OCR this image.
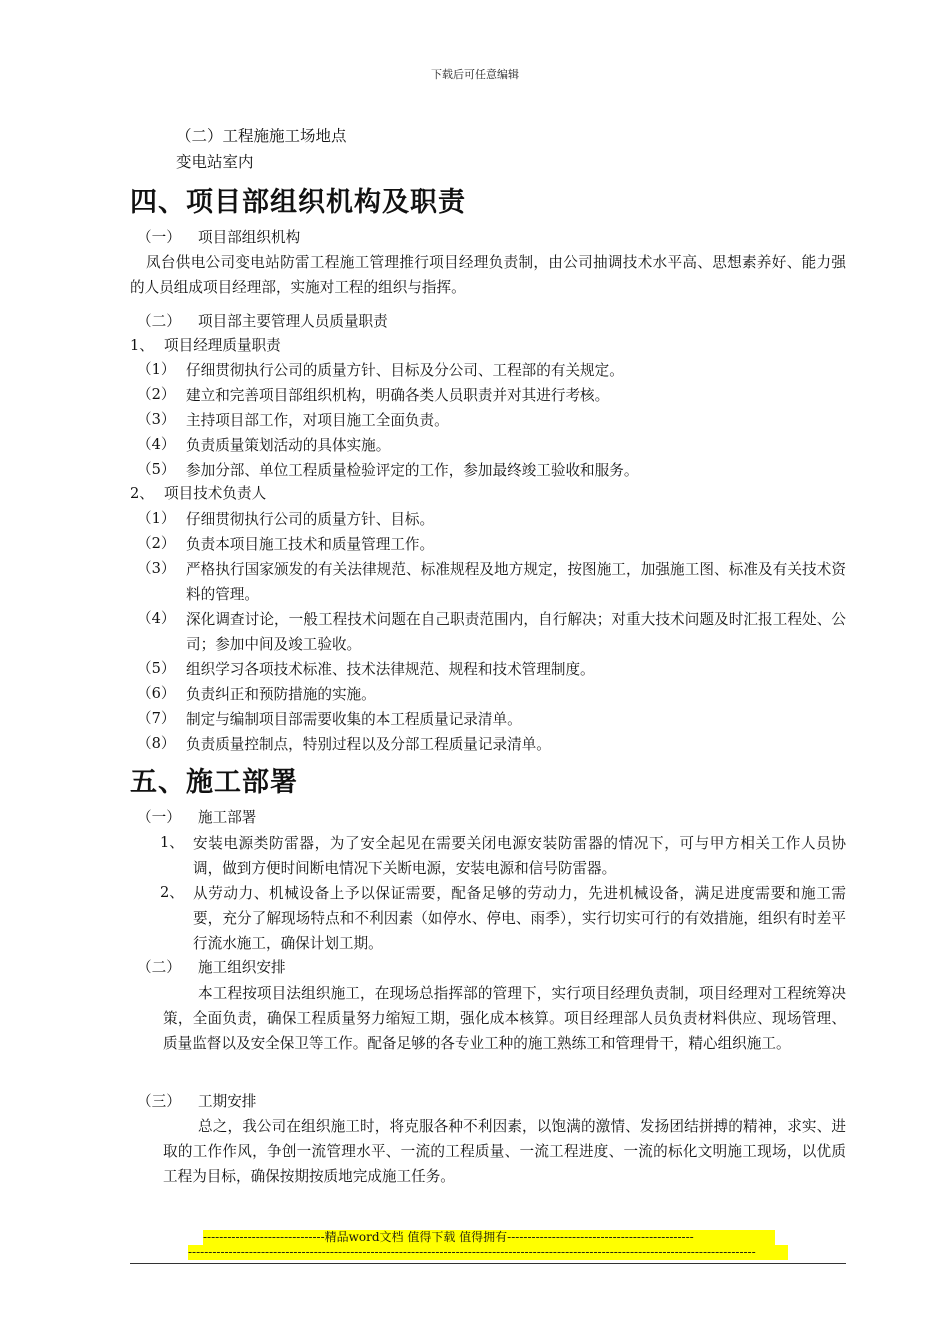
下载后可任意编辑
（二）工程施施工场地点
变电站室内
四、项目部组织机构及职责
（一） 项目部组织机构
凤台供电公司变电站防雷工程施工管理推行项目经理负责制，由公司抽调技术水平高、思想素养好、能力强的人员组成项目经理部，实施对工程的组织与指挥。
（二） 项目部主要管理人员质量职责
1、 项目经理质量职责
（1） 仔细贯彻执行公司的质量方针、目标及分公司、工程部的有关规定。
（2） 建立和完善项目部组织机构，明确各类人员职责并对其进行考核。
（3） 主持项目部工作，对项目施工全面负责。
（4） 负责质量策划活动的具体实施。
（5） 参加分部、单位工程质量检验评定的工作，参加最终竣工验收和服务。
2、 项目技术负责人
（1） 仔细贯彻执行公司的质量方针、目标。
（2） 负责本项目施工技术和质量管理工作。
（3） 严格执行国家颁发的有关法律规范、标准规程及地方规定，按图施工，加强施工图、标准及有关技术资料的管理。
（4） 深化调查讨论，一般工程技术问题在自己职责范围内，自行解决；对重大技术问题及时汇报工程处、公司；参加中间及竣工验收。
（5） 组织学习各项技术标准、技术法律规范、规程和技术管理制度。
（6） 负责纠正和预防措施的实施。
（7） 制定与编制项目部需要收集的本工程质量记录清单。
（8） 负责质量控制点，特别过程以及分部工程质量记录清单。
五、施工部署
（一） 施工部署
1、 安装电源类防雷器，为了安全起见在需要关闭电源安装防雷器的情况下，可与甲方相关工作人员协调，做到方便时间断电情况下关断电源，安装电源和信号防雷器。
2、 从劳动力、机械设备上予以保证需要，配备足够的劳动力，先进机械设备，满足进度需要和施工需要，充分了解现场特点和不利因素（如停水、停电、雨季），实行切实可行的有效措施，组织有时差平行流水施工，确保计划工期。
（二） 施工组织安排
本工程按项目法组织施工，在现场总指挥部的管理下，实行项目经理负责制，项目经理对工程统筹决策，全面负责，确保工程质量努力缩短工期，强化成本核算。项目经理部人员负责材料供应、现场管理、质量监督以及安全保卫等工作。配备足够的各专业工种的施工熟练工和管理骨干，精心组织施工。
（三） 工期安排
总之，我公司在组织施工时，将克服各种不利因素，以饱满的激情、发扬团结拼搏的精神，求实、进取的工作作风，争创一流管理水平、一流的工程质量、一流工程进度、一流的标化文明施工现场，以优质工程为目标，确保按期按质地完成施工任务。
------------------------------精品word文档 值得下载 值得拥有----------------------------------------------
--------------------------------------------------------------------------------------------------------------------------------------------
